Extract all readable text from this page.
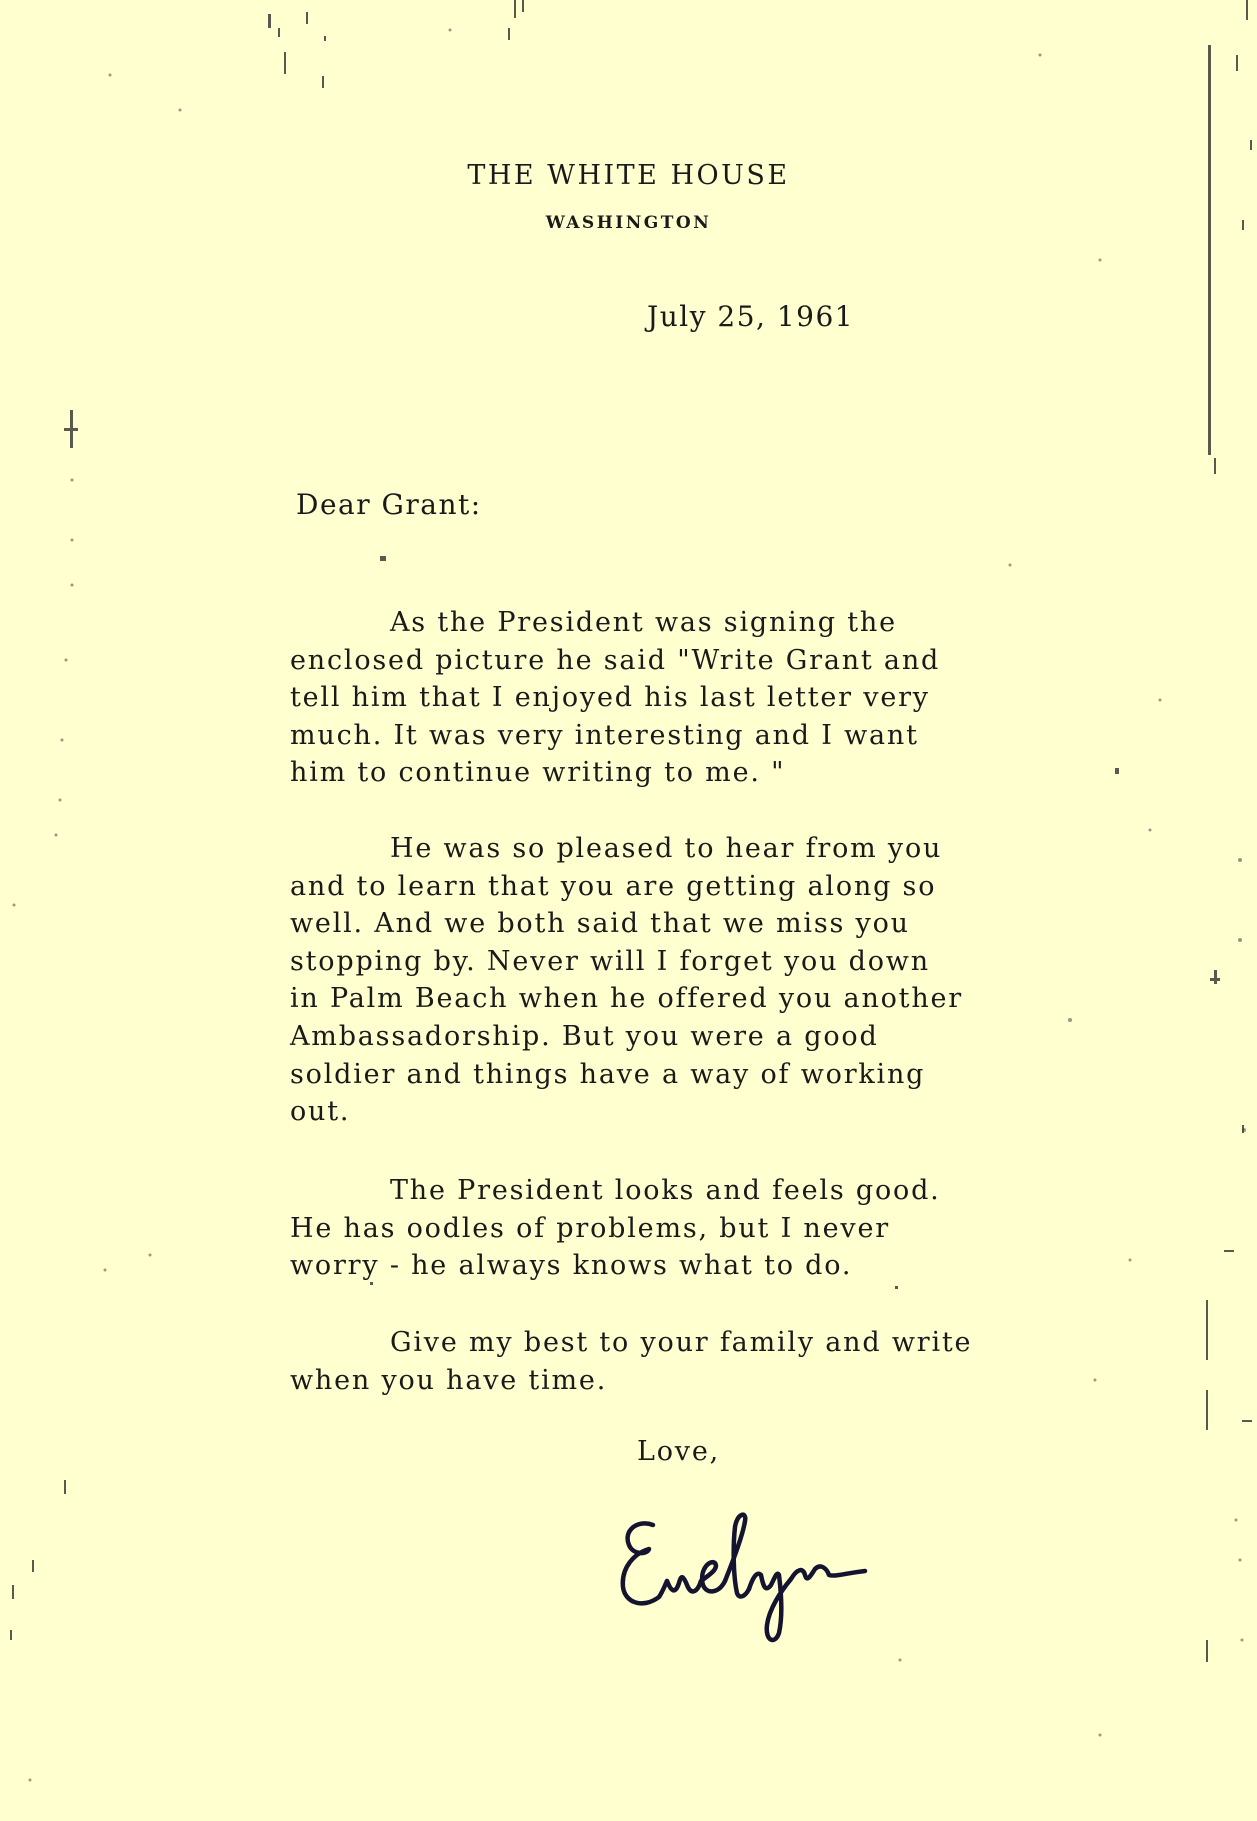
THE WHITE HOUSE
WASHINGTON
July 25, 1961
Dear Grant:
As the President was signing the
enclosed picture he said "Write Grant and
tell him that I enjoyed his last letter very
much. It was very interesting and I want
him to continue writing to me. "
He was so pleased to hear from you
and to learn that you are getting along so
well. And we both said that we miss you
stopping by. Never will I forget you down
in Palm Beach when he offered you another
Ambassadorship. But you were a good
soldier and things have a way of working
out.
The President looks and feels good.
He has oodles of problems, but I never
worry - he always knows what to do.
Give my best to your family and write
when you have time.
Love,
